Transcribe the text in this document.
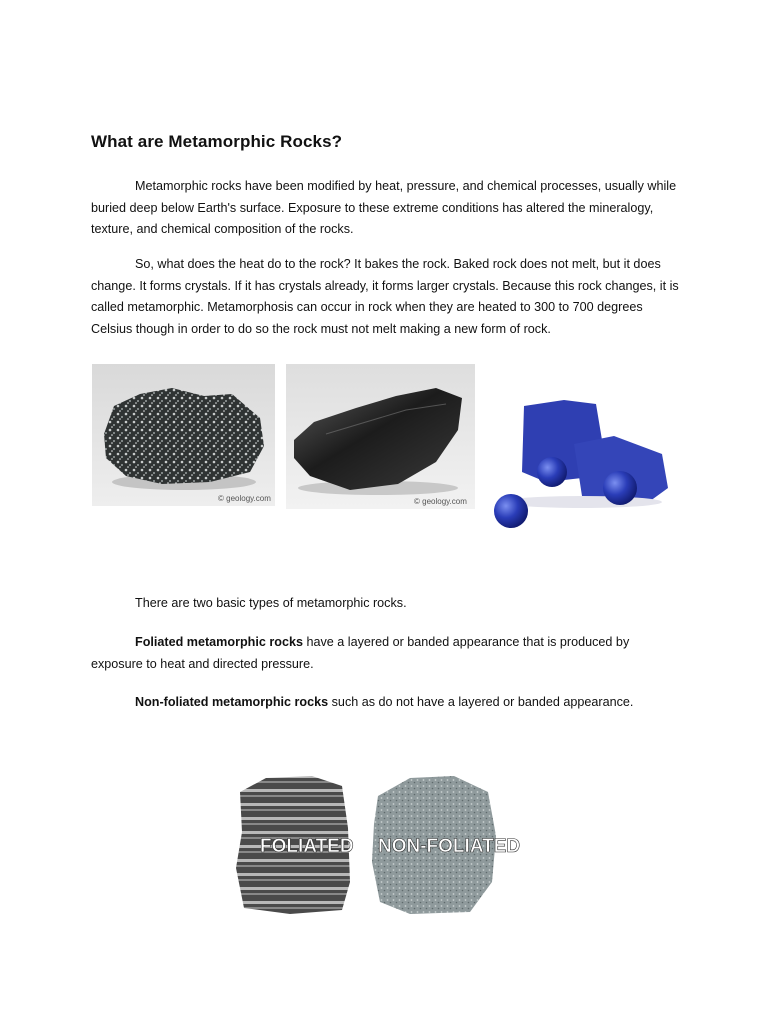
What are Metamorphic Rocks?

Metamorphic rocks have been modified by heat, pressure, and chemical processes, usually while buried deep below Earth's surface. Exposure to these extreme conditions has altered the mineralogy, texture, and chemical composition of the rocks.

So, what does the heat do to the rock? It bakes the rock. Baked rock does not melt, but it does change. It forms crystals. If it has crystals already, it forms larger crystals. Because this rock changes, it is called metamorphic. Metamorphosis can occur in rock when they are heated to 300 to 700 degrees Celsius though in order to do so the rock must not melt making a new form of rock.

© geology.com	© geology.com

There are two basic types of metamorphic rocks.

Foliated metamorphic rocks have a layered or banded appearance that is produced by exposure to heat and directed pressure.

Non-foliated metamorphic rocks such as do not have a layered or banded appearance.

FOLIATED NON-FOLIATED
